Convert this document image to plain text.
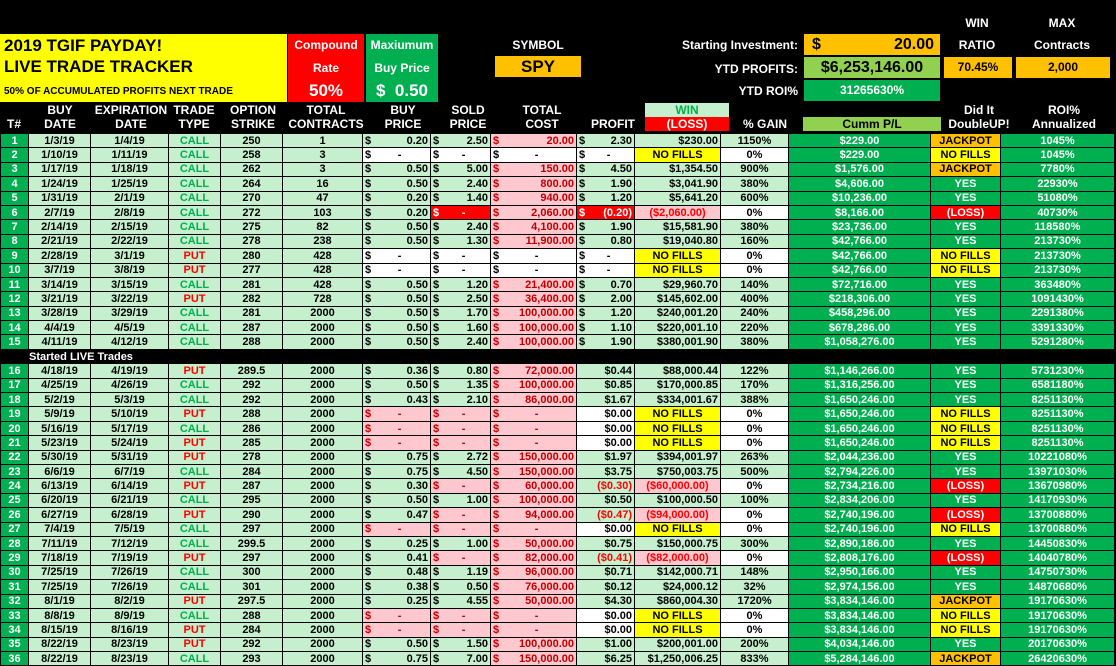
2019 TGIF PAYDAY!
LIVE TRADE TRACKER
50% OF ACCUMULATED PROFITS NEXT TRADE
Compound
Rate
50%
Maxiumum
Buy Price
$  0.50
SYMBOL
SPY
Starting Investment: $	20.00
YTD PROFITS:	$6,253,146.00
YTD ROI%	31265630%
WIN
RATIO
70.45%
MAX
Contracts
2,000
T#
BUY
DATE
EXPIRATION
DATE
TRADE
TYPE
OPTION
STRIKE
TOTAL
CONTRACTS
BUY
PRICE
SOLD
PRICE
TOTAL
COST	PROFIT
WIN
(LOSS)	% GAIN	Cumm P/L
Did It
DoubleUP!
ROI%
Annualized
1	1/3/19	1/4/19	CALL	250	1	$ 0.20	$ 2.50	$ 20.00	$ 2.30	$230.00	1150%	$229.00	JACKPOT	1045%
2	1/10/19	1/11/19	CALL	258	3	$ -	$ -	$ -	$ -	NO FILLS	0%	$229.00	NO FILLS	1045%
3	1/17/19	1/18/19	CALL	262	3	$ 0.50	$ 5.00	$ 150.00	$ 4.50	$1,354.50	900%	$1,576.00	JACKPOT	7780%
4	1/24/19	1/25/19	CALL	264	16	$ 0.50	$ 2.40	$ 800.00	$ 1.90	$3,041.90	380%	$4,606.00	YES	22930%
5	1/31/19	2/1/19	CALL	270	47	$ 0.20	$ 1.40	$ 940.00	$ 1.20	$5,641.20	600%	$10,236.00	YES	51080%
6	2/7/19	2/8/19	CALL	272	103	$ 0.20	$ -	$ 2,060.00	$ (0.20)	($2,060.00)	0%	$8,166.00	(LOSS)	40730%
7	2/14/19	2/15/19	CALL	275	82	$ 0.50	$ 2.40	$ 4,100.00	$ 1.90	$15,581.90	380%	$23,736.00	YES	118580%
8	2/21/19	2/22/19	CALL	278	238	$ 0.50	$ 1.30	$ 11,900.00	$ 0.80	$19,040.80	160%	$42,766.00	YES	213730%
9	2/28/19	3/1/19	PUT	280	428	$ -	$ -	$ -	$ -	NO FILLS	0%	$42,766.00	NO FILLS	213730%
10	3/7/19	3/8/19	PUT	277	428	$ -	$ -	$ -	$ -	NO FILLS	0%	$42,766.00	NO FILLS	213730%
11	3/14/19	3/15/19	CALL	281	428	$ 0.50	$ 1.20	$ 21,400.00	$ 0.70	$29,960.70	140%	$72,716.00	YES	363480%
12	3/21/19	3/22/19	PUT	282	728	$ 0.50	$ 2.50	$ 36,400.00	$ 2.00	$145,602.00	400%	$218,306.00	YES	1091430%
13	3/28/19	3/29/19	CALL	281	2000	$ 0.50	$ 1.70	$ 100,000.00	$ 1.20	$240,001.20	240%	$458,296.00	YES	2291380%
14	4/4/19	4/5/19	CALL	287	2000	$ 0.50	$ 1.60	$ 100,000.00	$ 1.10	$220,001.10	220%	$678,286.00	YES	3391330%
15	4/11/19	4/12/19	CALL	288	2000	$ 0.50	$ 2.40	$ 100,000.00	$ 1.90	$380,001.90	380%	$1,058,276.00	YES	5291280%
Started LIVE Trades														
16	4/18/19	4/19/19	PUT	289.5	2000	$ 0.36	$ 0.80	$ 72,000.00	$0.44	$88,000.44	122%	$1,146,266.00	YES	5731230%
17	4/25/19	4/26/19	CALL	292	2000	$ 0.50	$ 1.35	$ 100,000.00	$0.85	$170,000.85	170%	$1,316,256.00	YES	6581180%
18	5/2/19	5/3/19	CALL	292	2000	$ 0.43	$ 2.10	$ 86,000.00	$1.67	$334,001.67	388%	$1,650,246.00	YES	8251130%
19	5/9/19	5/10/19	PUT	288	2000	$ -	$ -	$ -	$0.00	NO FILLS	0%	$1,650,246.00	NO FILLS	8251130%
20	5/16/19	5/17/19	CALL	286	2000	$ -	$ -	$ -	$0.00	NO FILLS	0%	$1,650,246.00	NO FILLS	8251130%
21	5/23/19	5/24/19	PUT	285	2000	$ -	$ -	$ -	$0.00	NO FILLS	0%	$1,650,246.00	NO FILLS	8251130%
22	5/30/19	5/31/19	PUT	278	2000	$ 0.75	$ 2.72	$ 150,000.00	$1.97	$394,001.97	263%	$2,044,236.00	YES	10221080%
23	6/6/19	6/7/19	CALL	284	2000	$ 0.75	$ 4.50	$ 150,000.00	$3.75	$750,003.75	500%	$2,794,226.00	YES	13971030%
24	6/13/19	6/14/19	PUT	287	2000	$ 0.30	$ -	$ 60,000.00	($0.30)	($60,000.00)	0%	$2,734,216.00	(LOSS)	13670980%
25	6/20/19	6/21/19	CALL	295	2000	$ 0.50	$ 1.00	$ 100,000.00	$0.50	$100,000.50	100%	$2,834,206.00	YES	14170930%
26	6/27/19	6/28/19	PUT	290	2000	$ 0.47	$ -	$ 94,000.00	($0.47)	($94,000.00)	0%	$2,740,196.00	(LOSS)	13700880%
27	7/4/19	7/5/19	CALL	297	2000	$ -	$ -	$ -	$0.00	NO FILLS	0%	$2,740,196.00	NO FILLS	13700880%
28	7/11/19	7/12/19	CALL	299.5	2000	$ 0.25	$ 1.00	$ 50,000.00	$0.75	$150,000.75	300%	$2,890,186.00	YES	14450830%
29	7/18/19	7/19/19	PUT	297	2000	$ 0.41	$ -	$ 82,000.00	($0.41)	($82,000.00)	0%	$2,808,176.00	(LOSS)	14040780%
30	7/25/19	7/26/19	CALL	300	2000	$ 0.48	$ 1.19	$ 96,000.00	$0.71	$142,000.71	148%	$2,950,166.00	YES	14750730%
31	7/25/19	7/26/19	CALL	301	2000	$ 0.38	$ 0.50	$ 76,000.00	$0.12	$24,000.12	32%	$2,974,156.00	YES	14870680%
32	8/1/19	8/2/19	PUT	297.5	2000	$ 0.25	$ 4.55	$ 50,000.00	$4.30	$860,004.30	1720%	$3,834,146.00	JACKPOT	19170630%
33	8/8/19	8/9/19	CALL	288	2000	$ -	$ -	$ -	$0.00	NO FILLS	0%	$3,834,146.00	NO FILLS	19170630%
34	8/15/19	8/16/19	PUT	284	2000	$ -	$ -	$ -	$0.00	NO FILLS	0%	$3,834,146.00	NO FILLS	19170630%
35	8/22/19	8/23/19	PUT	292	2000	$ 0.50	$ 1.50	$ 100,000.00	$1.00	$200,001.00	200%	$4,034,146.00	YES	20170630%
36	8/22/19	8/23/19	CALL	293	2000	$ 0.75	$ 7.00	$ 150,000.00	$6.25	$1,250,006.25	833%	$5,284,146.00	JACKPOT	26420630%
